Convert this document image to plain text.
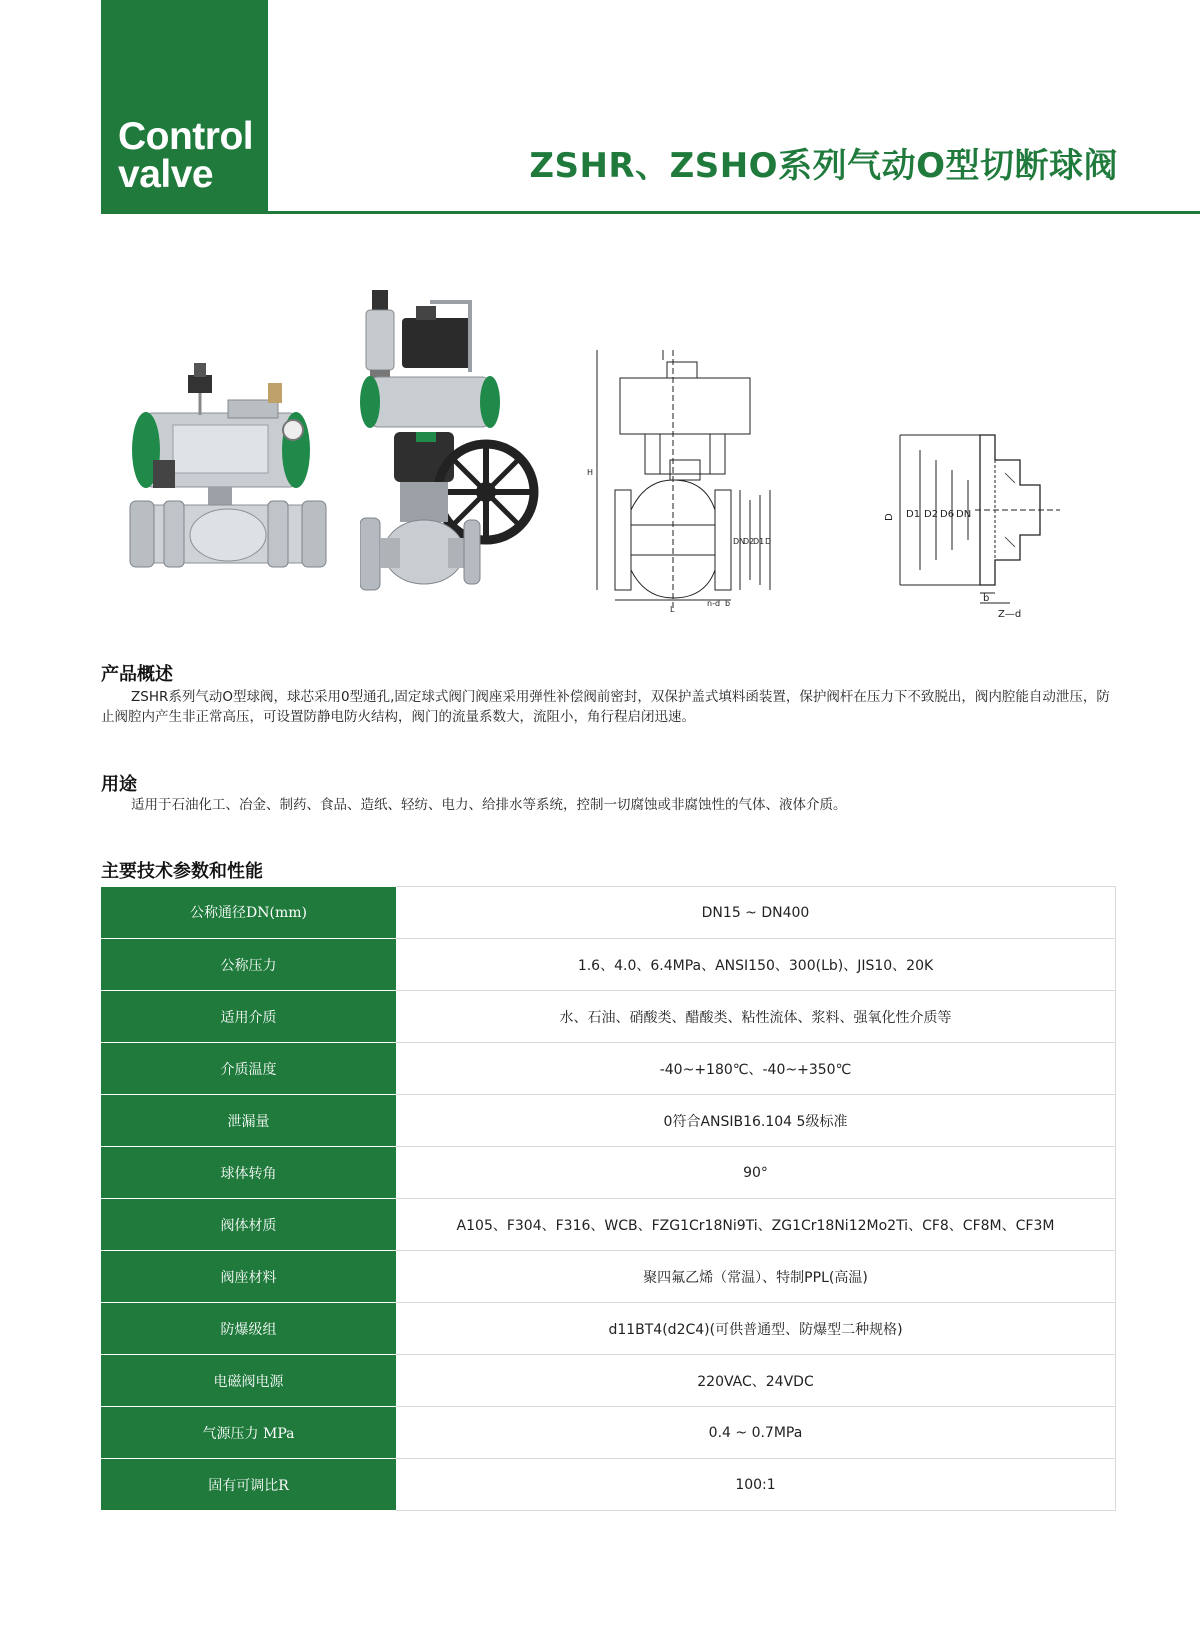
Control
valve	ZSHR、ZSHO系列气动O型切断球阀
H
L
DN
D2
D1 D
b
n-d
D D1 D2 D6 DN
b
Z—d
产品概述
ZSHR系列气动O型球阀，球芯采用0型通孔,固定球式阀门阀座采用弹性补偿阀前密封，双保护盖式填料函装置，保护阀杆在压力下不致脱出，阀内腔能自动泄压，防止阀腔内产生非正常高压，可设置防静电防火结构，阀门的流量系数大，流阻小，角行程启闭迅速。
用途
适用于石油化工、冶金、制药、食品、造纸、轻纺、电力、给排水等系统，控制一切腐蚀或非腐蚀性的气体、液体介质。
主要技术参数和性能
公称通径DN(mm)	DN15 ~ DN400
公称压力	1.6、4.0、6.4MPa、ANSI150、300(Lb)、JIS10、20K
适用介质	水、石油、硝酸类、醋酸类、粘性流体、浆料、强氧化性介质等
介质温度	-40~+180℃、-40~+350℃
泄漏量	0符合ANSIB16.104 5级标准
球体转角	90°
阀体材质	A105、F304、F316、WCB、FZG1Cr18Ni9Ti、ZG1Cr18Ni12Mo2Ti、CF8、CF8M、CF3M
阀座材料	聚四氟乙烯（常温）、特制PPL(高温)
防爆级组	d11BT4(d2C4)(可供普通型、防爆型二种规格)
电磁阀电源	220VAC、24VDC
气源压力 MPa	0.4 ~ 0.7MPa
固有可调比R	100:1
